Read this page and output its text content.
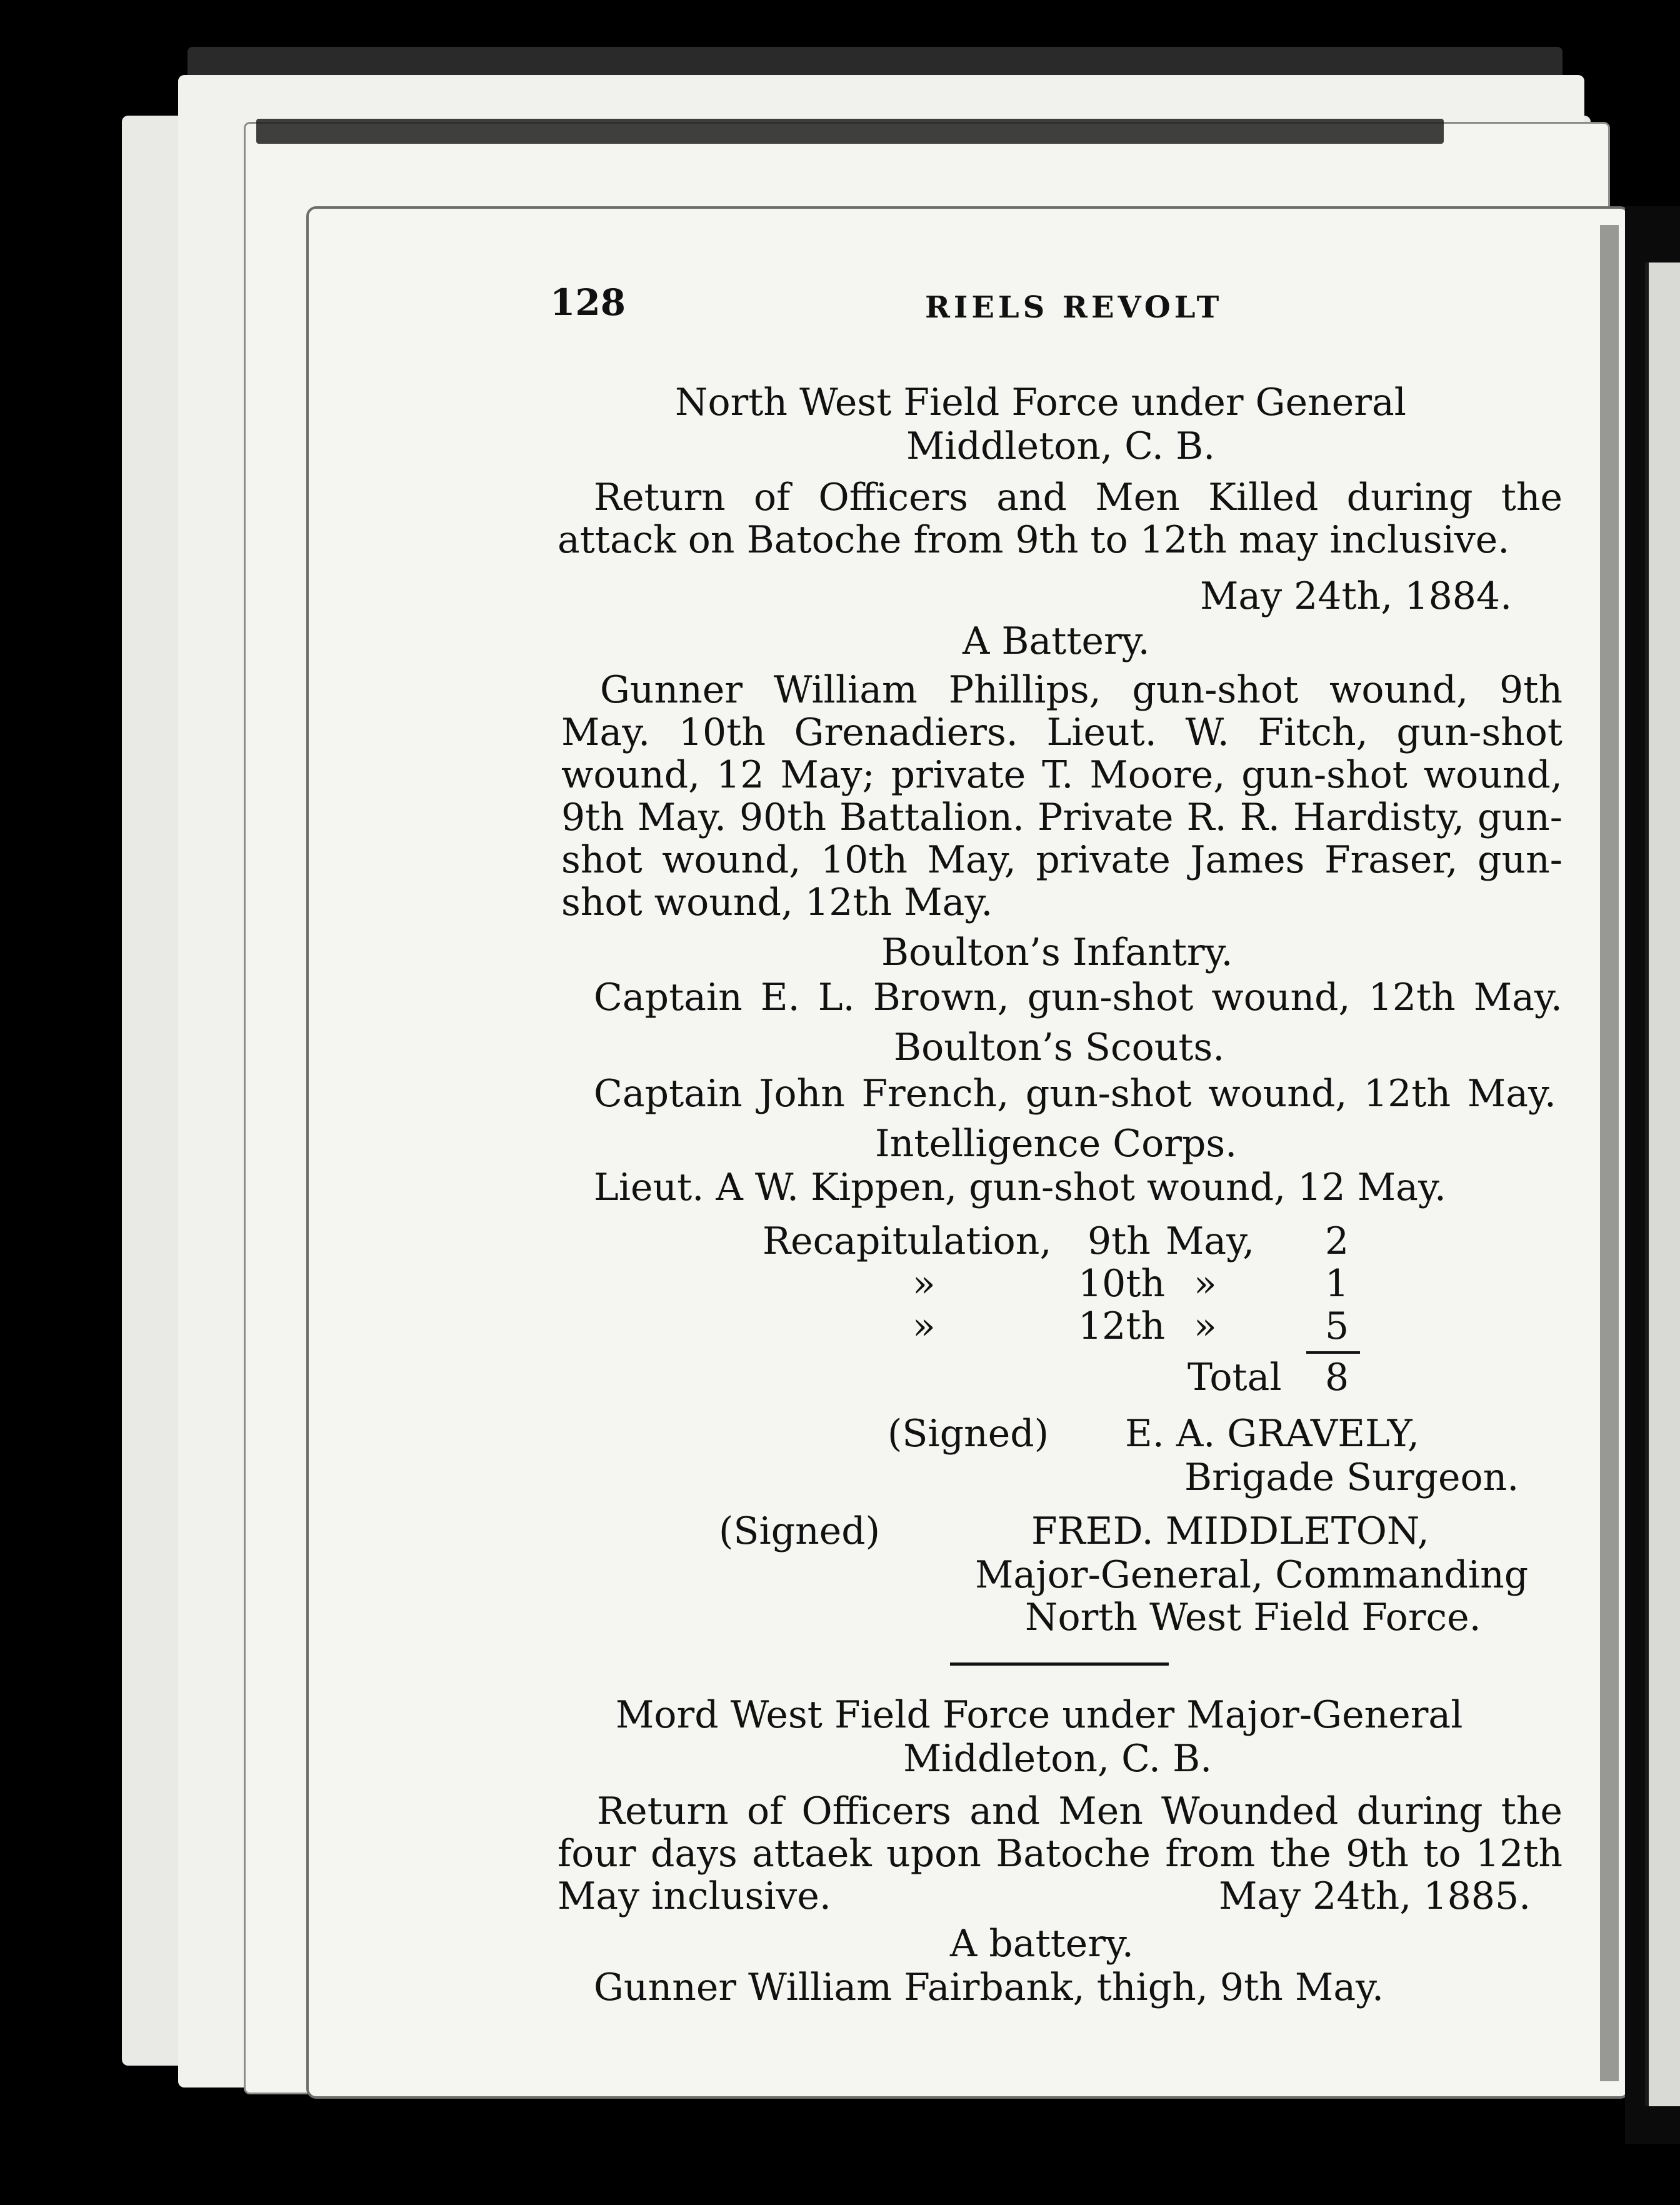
128	RIELS REVOLT
North West Field Force under General
Middleton, C. B.
Return of Officers and Men Killed during the
attack on Batoche from 9th to 12th may inclusive.
May 24th, 1884.
A Battery.
Gunner William Phillips, gun-shot wound, 9th
May. 10th Grenadiers. Lieut. W. Fitch, gun-shot
wound, 12 May; private T. Moore, gun-shot wound,
9th May. 90th Battalion. Private R. R. Hardisty, gun-
shot wound, 10th May, private James Fraser, gun-
shot wound, 12th May.
Boulton’s Infantry.
Captain E. L. Brown, gun-shot wound, 12th May.
Boulton’s Scouts.
Captain John French, gun-shot wound, 12th May.
Intelligence Corps.
Lieut. A W. Kippen, gun-shot wound, 12 May.
Recapitulation, 9th May, 2
»	10th »	1
»	12th »	5
Total 8
(Signed) E. A. GRAVELY,
Brigade Surgeon.
(Signed)	FRED. MIDDLETON,
Major-General, Commanding
North West Field Force.
Mord West Field Force under Major-General
Middleton, C. B.
Return of Officers and Men Wounded during the
four days attaek upon Batoche from the 9th to 12th
May inclusive.	May 24th, 1885.
A battery.
Gunner William Fairbank, thigh, 9th May.
